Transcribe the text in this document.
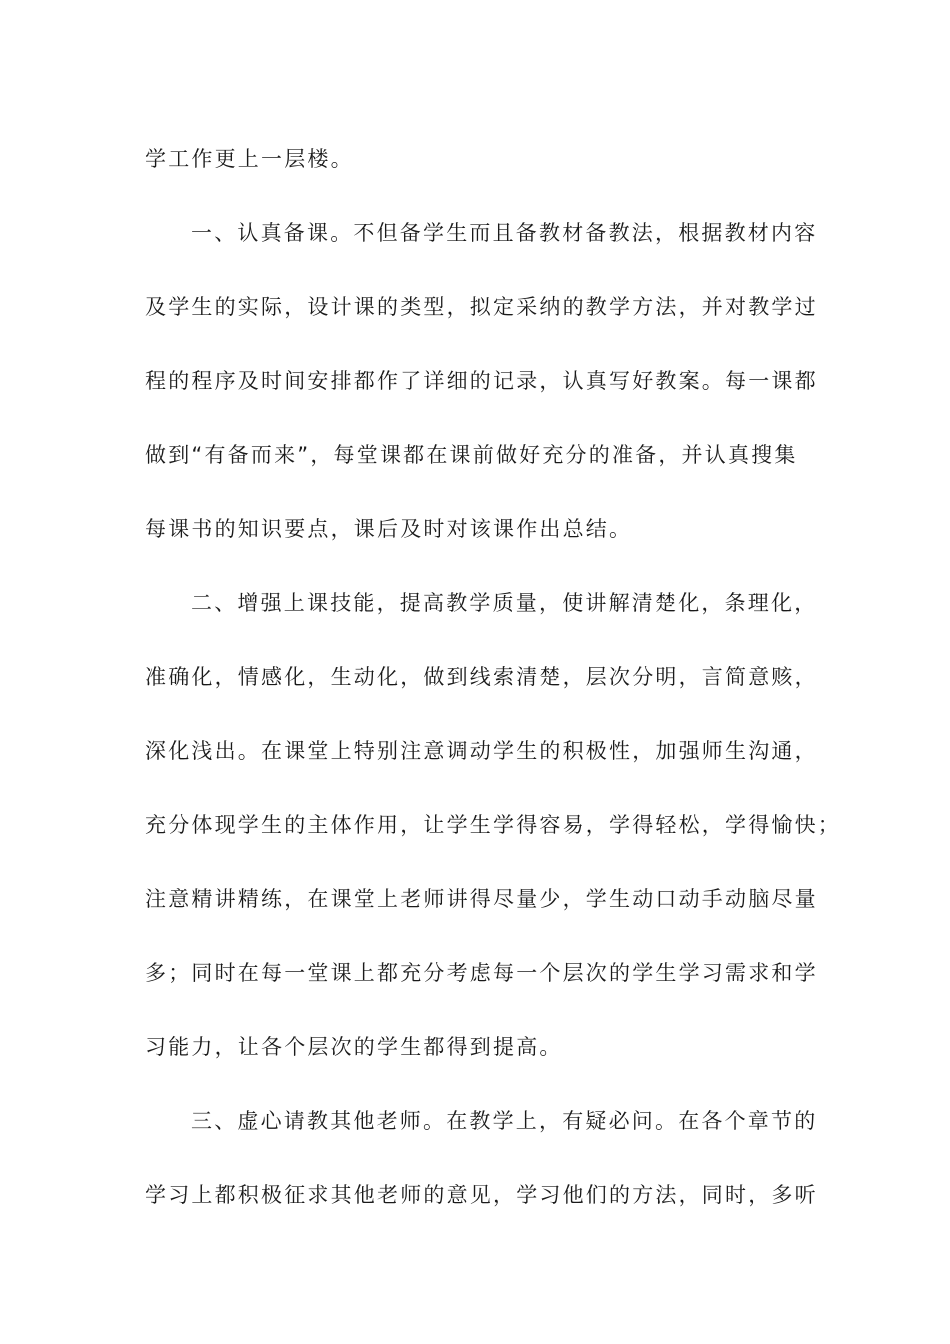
学工作更上一层楼。
一、认真备课。不但备学生而且备教材备教法，根据教材内容
及学生的实际，设计课的类型，拟定采纳的教学方法，并对教学过
程的程序及时间安排都作了详细的记录，认真写好教案。每一课都
做到“有备而来”，每堂课都在课前做好充分的准备，并认真搜集
每课书的知识要点，课后及时对该课作出总结。
二、增强上课技能，提高教学质量，使讲解清楚化，条理化，
准确化，情感化，生动化，做到线索清楚，层次分明，言简意赅，
深化浅出。在课堂上特别注意调动学生的积极性，加强师生沟通，
充分体现学生的主体作用，让学生学得容易，学得轻松，学得愉快；
注意精讲精练，在课堂上老师讲得尽量少，学生动口动手动脑尽量
多；同时在每一堂课上都充分考虑每一个层次的学生学习需求和学
习能力，让各个层次的学生都得到提高。
三、虚心请教其他老师。在教学上，有疑必问。在各个章节的
学习上都积极征求其他老师的意见，学习他们的方法，同时，多听
